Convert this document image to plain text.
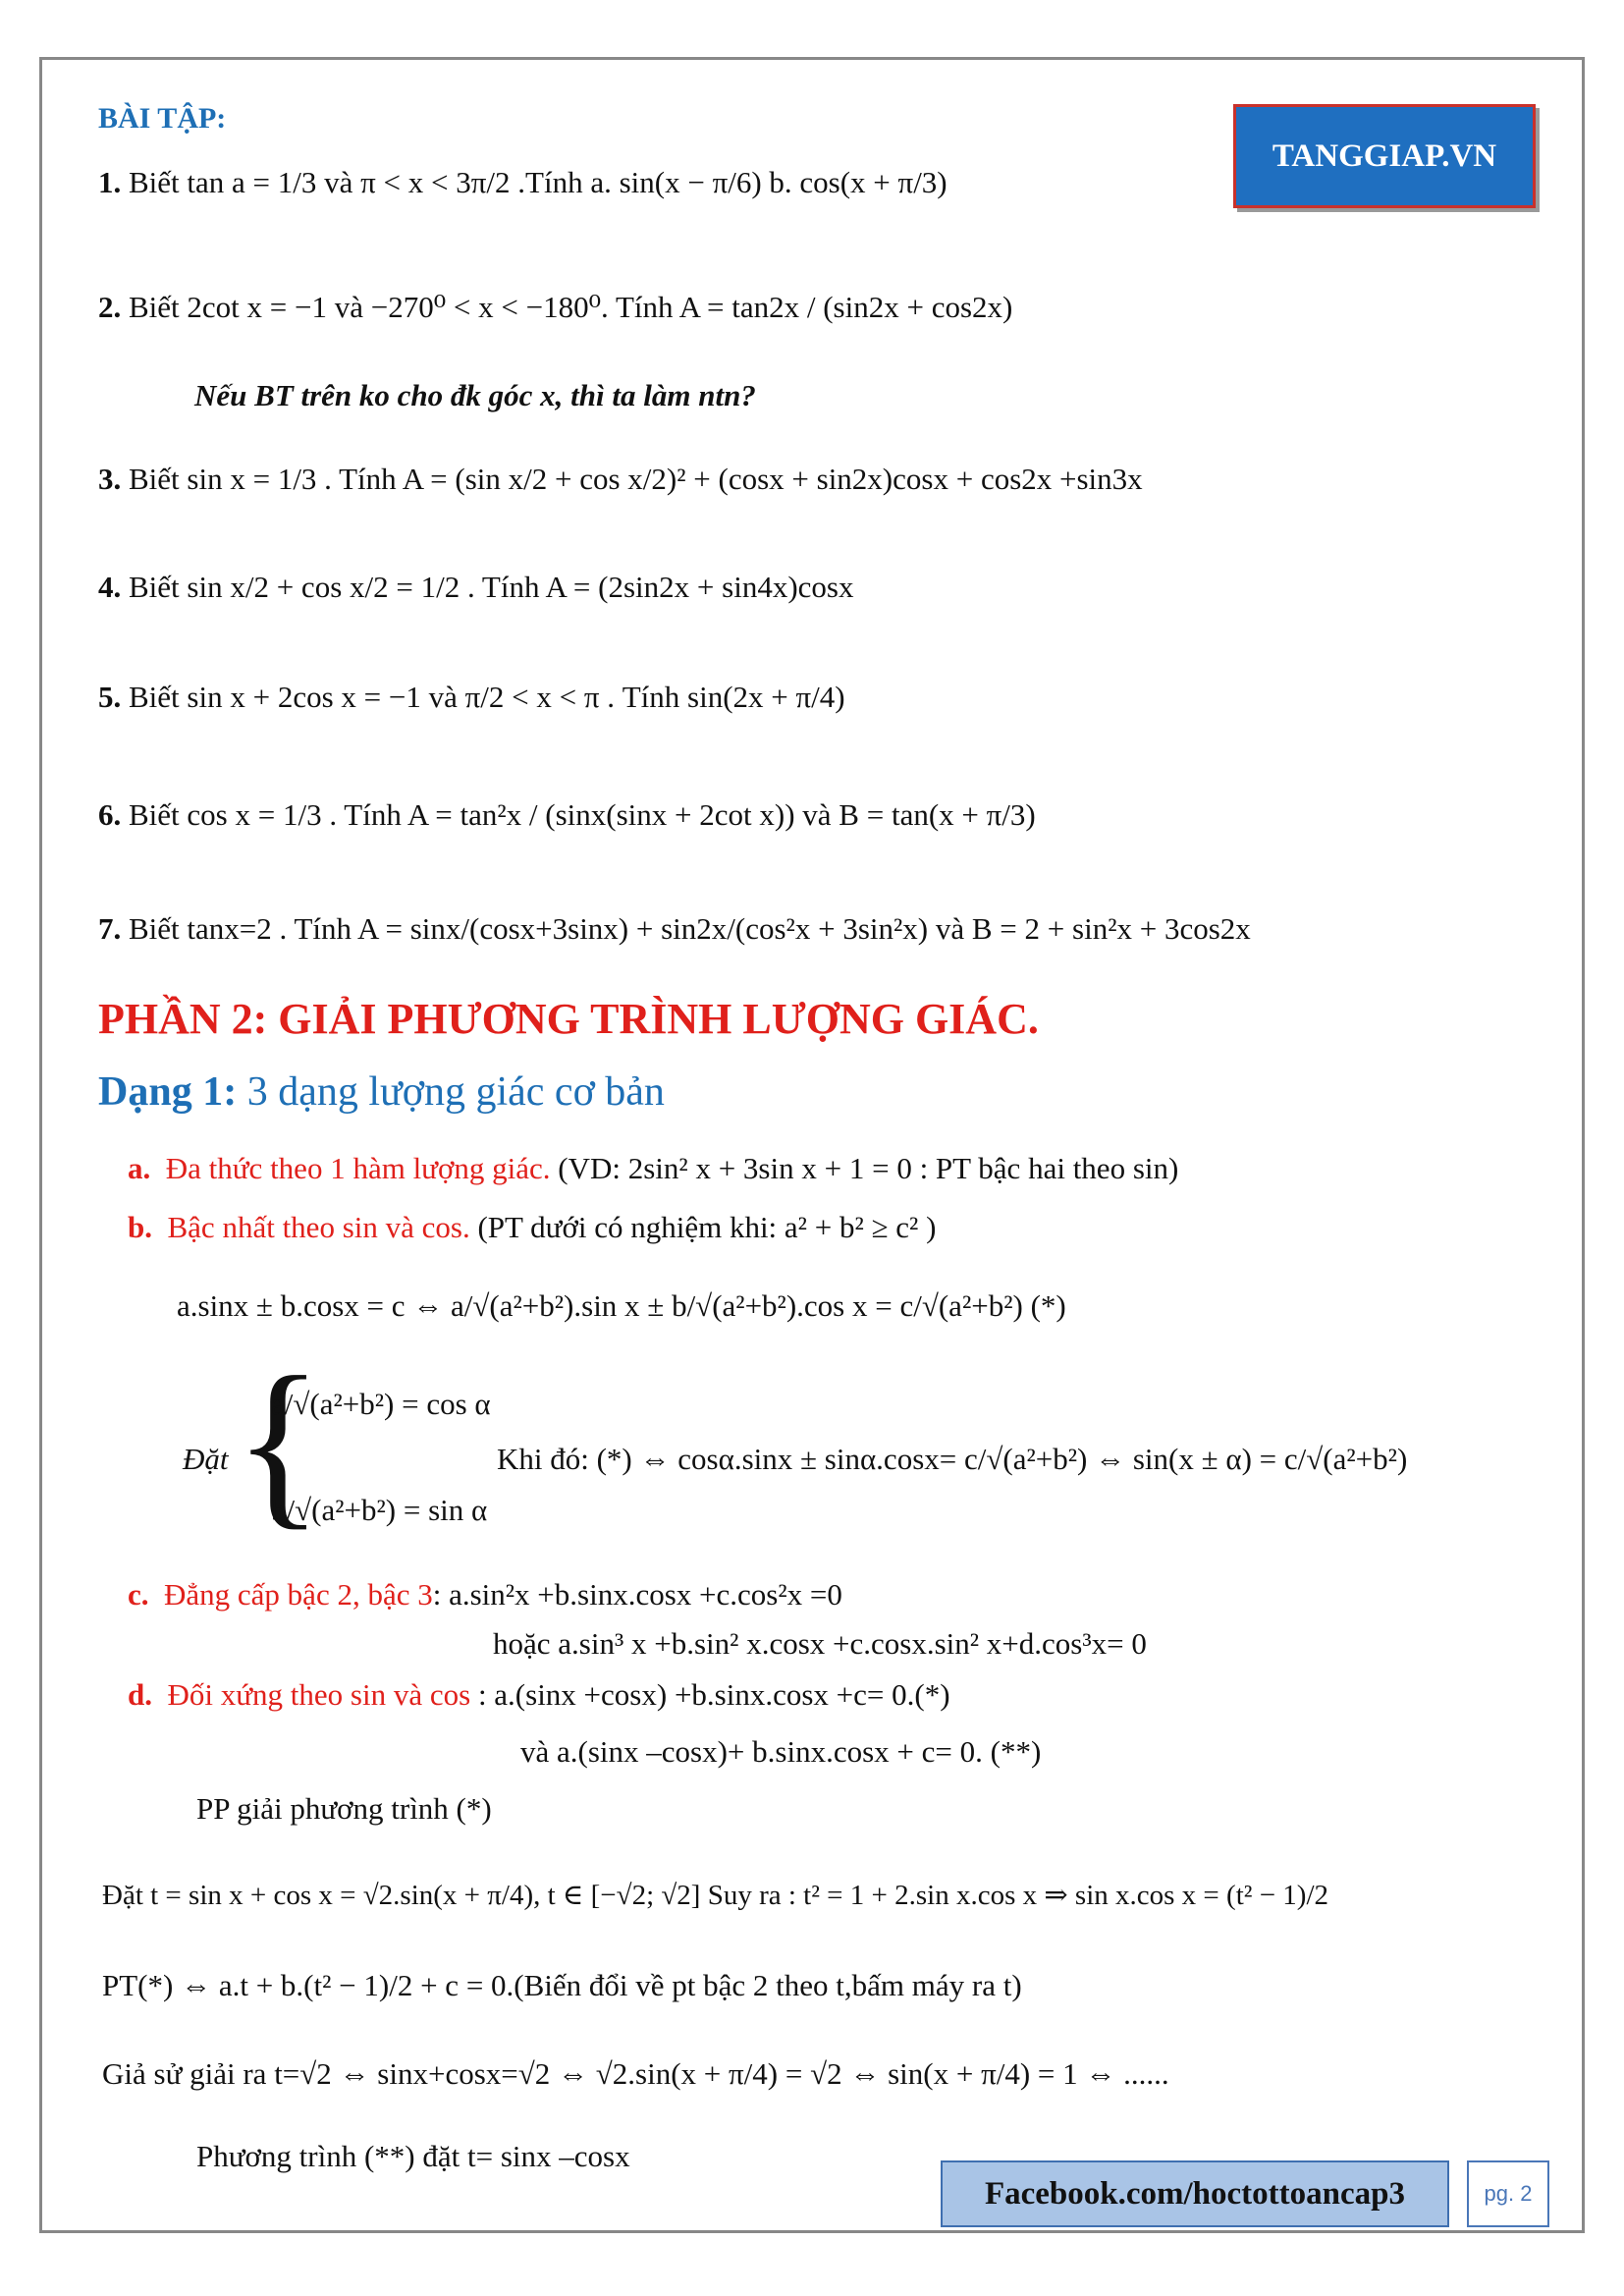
BÀI TẬP:
TANGGIAP.VN
1. Biết tan a = 1/3 và π < x < 3π/2 .Tính a. sin(x − π/6) b. cos(x + π/3)
2. Biết 2cot x = −1 và −270⁰ < x < −180⁰. Tính A = tan2x / (sin2x + cos2x)
Nếu BT trên ko cho đk góc x, thì ta làm ntn?
3. Biết sin x = 1/3 . Tính A = (sin x/2 + cos x/2)² + (cosx + sin2x)cosx + cos2x +sin3x
4. Biết sin x/2 + cos x/2 = 1/2 . Tính A = (2sin2x + sin4x)cosx
5. Biết sin x + 2cos x = −1 và π/2 < x < π . Tính sin(2x + π/4)
6. Biết cos x = 1/3 . Tính A = tan²x / (sinx(sinx + 2cot x)) và B = tan(x + π/3)
7. Biết tanx=2 . Tính A = sinx/(cosx+3sinx) + sin2x/(cos²x + 3sin²x) và B = 2 + sin²x + 3cos2x
PHẦN 2: GIẢI PHƯƠNG TRÌNH LƯỢNG GIÁC.
Dạng 1: 3 dạng lượng giác cơ bản
a. Đa thức theo 1 hàm lượng giác. (VD: 2sin² x + 3sin x + 1 = 0 : PT bậc hai theo sin)
b. Bậc nhất theo sin và cos. (PT dưới có nghiệm khi: a² + b² ≥ c² )
a.sinx ± b.cosx = c ⇔ a/√(a²+b²).sin x ± b/√(a²+b²).cos x = c/√(a²+b²) (*)
Đặt {
a/√(a²+b²) = cos α
b/√(a²+b²) = sin α
Khi đó: (*) ⇔ cosα.sinx ± sinα.cosx= c/√(a²+b²) ⇔ sin(x ± α) = c/√(a²+b²)
c. Đẳng cấp bậc 2, bậc 3: a.sin²x +b.sinx.cosx +c.cos²x =0
hoặc a.sin³ x +b.sin² x.cosx +c.cosx.sin² x+d.cos³x= 0
d. Đối xứng theo sin và cos : a.(sinx +cosx) +b.sinx.cosx +c= 0.(*)
và a.(sinx –cosx)+ b.sinx.cosx + c= 0. (**)
PP giải phương trình (*)
Đặt t = sin x + cos x = √2.sin(x + π/4), t ∈ [−√2; √2] Suy ra : t² = 1 + 2.sin x.cos x ⇒ sin x.cos x = (t² − 1)/2
PT(*) ⇔ a.t + b.(t² − 1)/2 + c = 0.(Biến đổi về pt bậc 2 theo t,bấm máy ra t)
Giả sử giải ra t=√2 ⇔ sinx+cosx=√2 ⇔ √2.sin(x + π/4) = √2 ⇔ sin(x + π/4) = 1 ⇔ ......
Phương trình (**) đặt t= sinx –cosx
Facebook.com/hoctottoancap3	pg. 2
